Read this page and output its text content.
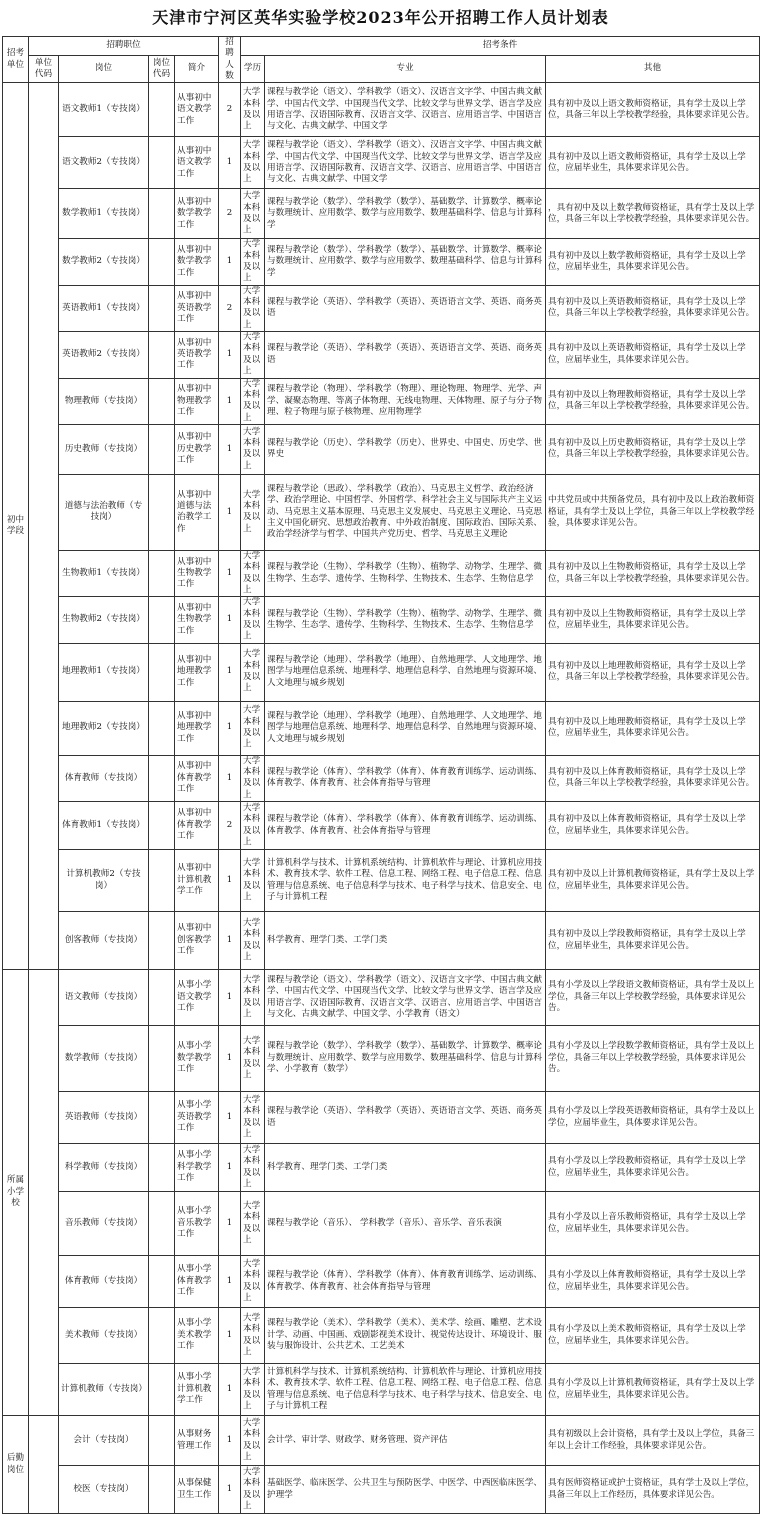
天津市宁河区英华实验学校2023年公开招聘工作人员计划表
招考单位	招聘职位				招聘人数	招考条件		
	单位代码	岗位	岗位代码	简介		学历	专业	其他
初中学段		语文教师1（专技岗）		从事初中语文教学工作	2	大学本科及以上	课程与教学论（语文）、学科教学（语文）、汉语言文字学、中国古典文献学、中国古代文学、中国现当代文学、比较文学与世界文学、语言学及应用语言学、汉语国际教育、汉语言文学、汉语言、应用语言学、中国语言与文化、古典文献学、中国文学	具有初中及以上语文教师资格证，具有学士及以上学位，具备三年以上学校教学经验，具体要求详见公告。
		语文教师2（专技岗）		从事初中语文教学工作	1	大学本科及以上	课程与教学论（语文）、学科教学（语文）、汉语言文字学、中国古典文献学、中国古代文学、中国现当代文学、比较文学与世界文学、语言学及应用语言学、汉语国际教育、汉语言文学、汉语言、应用语言学、中国语言与文化、古典文献学、中国文学	具有初中及以上语文教师资格证，具有学士及以上学位，应届毕业生，具体要求详见公告。
		数学教师1（专技岗）		从事初中数学教学工作	2	大学本科及以上	课程与教学论（数学）、学科教学（数学）、基础数学、计算数学、概率论与数理统计、应用数学、数学与应用数学、数理基础科学、信息与计算科学	，具有初中及以上数学教师资格证，具有学士及以上学位，具备三年以上学校教学经验，具体要求详见公告。
		数学教师2（专技岗）		从事初中数学教学工作	1	大学本科及以上	课程与教学论（数学）、学科教学（数学）、基础数学、计算数学、概率论与数理统计、应用数学、数学与应用数学、数理基础科学、信息与计算科学	具有初中及以上数学教师资格证，具有学士及以上学位，应届毕业生，具体要求详见公告。
		英语教师1（专技岗）		从事初中英语教学工作	2	大学本科及以上	课程与教学论（英语）、学科教学（英语）、英语语言文学、英语、商务英语	具有初中及以上英语教师资格证，具有学士及以上学位，具备三年以上学校教学经验，具体要求详见公告。
		英语教师2（专技岗）		从事初中英语教学工作	1	大学本科及以上	课程与教学论（英语）、学科教学（英语）、英语语言文学、英语、商务英语	具有初中及以上英语教师资格证，具有学士及以上学位，应届毕业生，具体要求详见公告。
		物理教师（专技岗）		从事初中物理教学工作	1	大学本科及以上	课程与教学论（物理）、学科教学（物理）、理论物理、物理学、光学、声学、凝聚态物理、等离子体物理、无线电物理、天体物理、原子与分子物理、粒子物理与原子核物理、应用物理学	具有初中及以上物理教师资格证，具有学士及以上学位，具备三年以上学校教学经验，具体要求详见公告。
		历史教师（专技岗）		从事初中历史教学工作	1	大学本科及以上	课程与教学论（历史）、学科教学（历史）、世界史、中国史、历史学、世界史	具有初中及以上历史教师资格证，具有学士及以上学位，具备三年以上学校教学经验，具体要求详见公告。
		道德与法治教师（专技岗）		从事初中道德与法治教学工作	1	大学本科及以上	课程与教学论（思政）、学科教学（政治）、马克思主义哲学、政治经济学、政治学理论、中国哲学、外国哲学、科学社会主义与国际共产主义运动、马克思主义基本原理、马克思主义发展史、马克思主义理论、马克思主义中国化研究、思想政治教育、中外政治制度、国际政治、国际关系、政治学经济学与哲学、中国共产党历史、哲学、马克思主义理论	中共党员或中共预备党员，具有初中及以上政治教师资格证，具有学士及以上学位，具备三年以上学校教学经验，具体要求详见公告。
		生物教师1（专技岗）		从事初中生物教学工作	1	大学本科及以上	课程与教学论（生物）、学科教学（生物）、植物学、动物学、生理学、微生物学、生态学、遗传学、生物科学、生物技术、生态学、生物信息学	具有初中及以上生物教师资格证，具有学士及以上学位，具备三年以上学校教学经验，具体要求详见公告。
		生物教师2（专技岗）		从事初中生物教学工作	1	大学本科及以上	课程与教学论（生物）、学科教学（生物）、植物学、动物学、生理学、微生物学、生态学、遗传学、生物科学、生物技术、生态学、生物信息学	具有初中及以上生物教师资格证，具有学士及以上学位，应届毕业生，具体要求详见公告。
		地理教师1（专技岗）		从事初中地理教学工作	1	大学本科及以上	课程与教学论（地理）、学科教学（地理）、自然地理学、人文地理学、地图学与地理信息系统、地理科学、地理信息科学、自然地理与资源环境、人文地理与城乡规划	具有初中及以上地理教师资格证，具有学士及以上学位，具备三年以上学校教学经验，具体要求详见公告。
		地理教师2（专技岗）		从事初中地理教学工作	1	大学本科及以上	课程与教学论（地理）、学科教学（地理）、自然地理学、人文地理学、地图学与地理信息系统、地理科学、地理信息科学、自然地理与资源环境、人文地理与城乡规划	具有初中及以上地理教师资格证，具有学士及以上学位，应届毕业生，具体要求详见公告。
		体育教师（专技岗）		从事初中体育教学工作	1	大学本科及以上	课程与教学论（体育）、学科教学（体育）、体育教育训练学、运动训练、体育教学、体育教育、社会体育指导与管理	具有初中及以上体育教师资格证，具有学士及以上学位，具备三年以上学校教学经验，具体要求详见公告。
		体育教师1（专技岗）		从事初中体育教学工作	2	大学本科及以上	课程与教学论（体育）、学科教学（体育）、体育教育训练学、运动训练、体育教学、体育教育、社会体育指导与管理	具有初中及以上体育教师资格证，具有学士及以上学位，应届毕业生，具体要求详见公告。
		计算机教师2（专技岗）		从事初中计算机教学工作	1	大学本科及以上	计算机科学与技术、计算机系统结构、计算机软件与理论、计算机应用技术、教育技术学、软件工程、信息工程、网络工程、电子信息工程、信息管理与信息系统、电子信息科学与技术、电子科学与技术、信息安全、电子与计算机工程	具有初中及以上计算机教师资格证，具有学士及以上学位，应届毕业生，具体要求详见公告。
		创客教师（专技岗）		从事初中创客教学工作	1	大学本科及以上	科学教育、理学门类、工学门类	具有初中及以上学段教师资格证，具有学士及以上学位，应届毕业生，具体要求详见公告。
所属小学校		语文教师（专技岗）		从事小学语文教学工作	1	大学本科及以上	课程与教学论（语文）、学科教学（语文）、汉语言文字学、中国古典文献学、中国古代文学、中国现当代文学、比较文学与世界文学、语言学及应用语言学、汉语国际教育、汉语言文学、汉语言、应用语言学、中国语言与文化、古典文献学、中国文学、小学教育（语文）	具有小学及以上学段语文教师资格证，具有学士及以上学位，具备三年以上学校教学经验，具体要求详见公告。
		数学教师（专技岗）		从事小学数学教学工作	1	大学本科及以上	课程与教学论（数学）、学科教学（数学）、基础数学、计算数学、概率论与数理统计、应用数学、数学与应用数学、数理基础科学、信息与计算科学、小学教育（数学）	具有小学及以上学段数学教师资格证，具有学士及以上学位，具备三年以上学校教学经验，具体要求详见公告。
		英语教师（专技岗）		从事小学英语教学工作	1	大学本科及以上	课程与教学论（英语）、学科教学（英语）、英语语言文学、英语、商务英语	具有小学及以上学段英语教师资格证，具有学士及以上学位，应届毕业生，具体要求详见公告。
		科学教师（专技岗）		从事小学科学教学工作	1	大学本科及以上	科学教育、理学门类、工学门类	具有小学及以上学段教师资格证，具有学士及以上学位，应届毕业生，具体要求详见公告。
		音乐教师（专技岗）		从事小学音乐教学工作	1	大学本科及以上	课程与教学论（音乐）、 学科教学（音乐）、音乐学、音乐表演	具有小学及以上音乐教师资格证，具有学士及以上学位，应届毕业生，具体要求详见公告。
		体育教师（专技岗）		从事小学体育教学工作	1	大学本科及以上	课程与教学论（体育）、学科教学（体育）、体育教育训练学、运动训练、体育教学、体育教育、社会体育指导与管理	具有小学及以上体育教师资格证，具有学士及以上学位，应届毕业生，具体要求详见公告。
		美术教师（专技岗）		从事小学美术教学工作	1	大学本科及以上	课程与教学论（美术）、学科教学（美术）、美术学、绘画、雕塑、艺术设计学、动画、中国画、戏剧影视美术设计、视觉传达设计、环境设计、服装与服饰设计、公共艺术、工艺美术	具有小学及以上美术教师资格证，具有学士及以上学位，应届毕业生，具体要求详见公告。
		计算机教师（专技岗）		从事小学计算机教学工作	1	大学本科及以上	计算机科学与技术、计算机系统结构、计算机软件与理论、计算机应用技术、教育技术学、软件工程、信息工程、网络工程、电子信息工程、信息管理与信息系统、电子信息科学与技术、电子科学与技术、信息安全、电子与计算机工程	具有小学及以上计算机教师资格证，具有学士及以上学位，应届毕业生，具体要求详见公告。
后勤岗位		会计（专技岗）		从事财务管理工作	1	大学本科及以上	会计学、审计学、财政学、财务管理、资产评估	具有初级以上会计资格，具有学士及以上学位，具备三年以上会计工作经验，具体要求详见公告。
		校医（专技岗）		从事保健卫生工作	1	大学本科及以上	基础医学、临床医学、公共卫生与预防医学、中医学、中西医临床医学、护理学	具有医师资格证或护士资格证，具有学士及以上学位，具备三年以上工作经历，具体要求详见公告。
